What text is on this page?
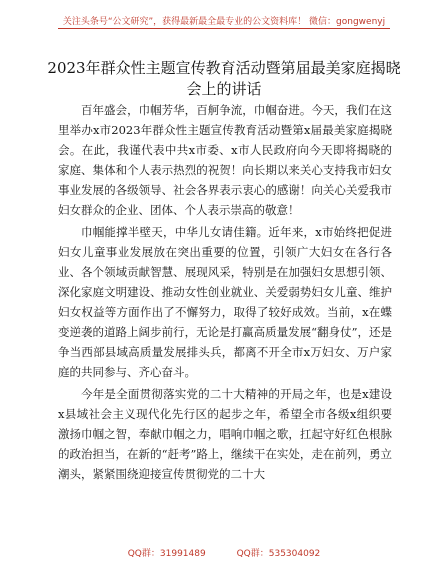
关注头条号“公文研究”，获得最新最全最专业的公文资料库！ 微信：gongwenyj
2023年群众性主题宣传教育活动暨第届最美家庭揭晓会上的讲话

百年盛会，巾帼芳华，百舸争流，巾帼奋进。今天，我们在这里举办x市2023年群众性主题宣传教育活动暨第x届最美家庭揭晓会。在此，我谨代表中共x市委、x市人民政府向今天即将揭晓的家庭、集体和个人表示热烈的祝贺！向长期以来关心支持我市妇女事业发展的各级领导、社会各界表示衷心的感谢！向关心关爱我市妇女群众的企业、团体、个人表示崇高的敬意！

巾帼能撑半壁天，中华儿女请佳籍。近年来，x市始终把促进妇女儿童事业发展放在突出重要的位置，引领广大妇女在各行各业、各个领域贡献智慧、展现风采，特别是在加强妇女思想引领、深化家庭文明建设、推动女性创业就业、关爱弱势妇女儿童、维护妇女权益等方面作出了不懈努力，取得了较好成效。当前，x在蝶变逆袭的道路上阔步前行，无论是打赢高质量发展“翻身仗”，还是争当西部县域高质量发展排头兵，都离不开全市x万妇女、万户家庭的共同参与、齐心奋斗。

今年是全面贯彻落实党的二十大精神的开局之年，也是x建设x县域社会主义现代化先行区的起步之年，希望全市各级x组织要激扬巾帼之智，奉献巾帼之力，唱响巾帼之歌，扛起守好红色根脉的政治担当，在新的“赶考”路上，继续干在实处，走在前列，勇立潮头，紧紧围绕迎接宣传贯彻党的二十大

QQ群：31991489	QQ群：535304092
